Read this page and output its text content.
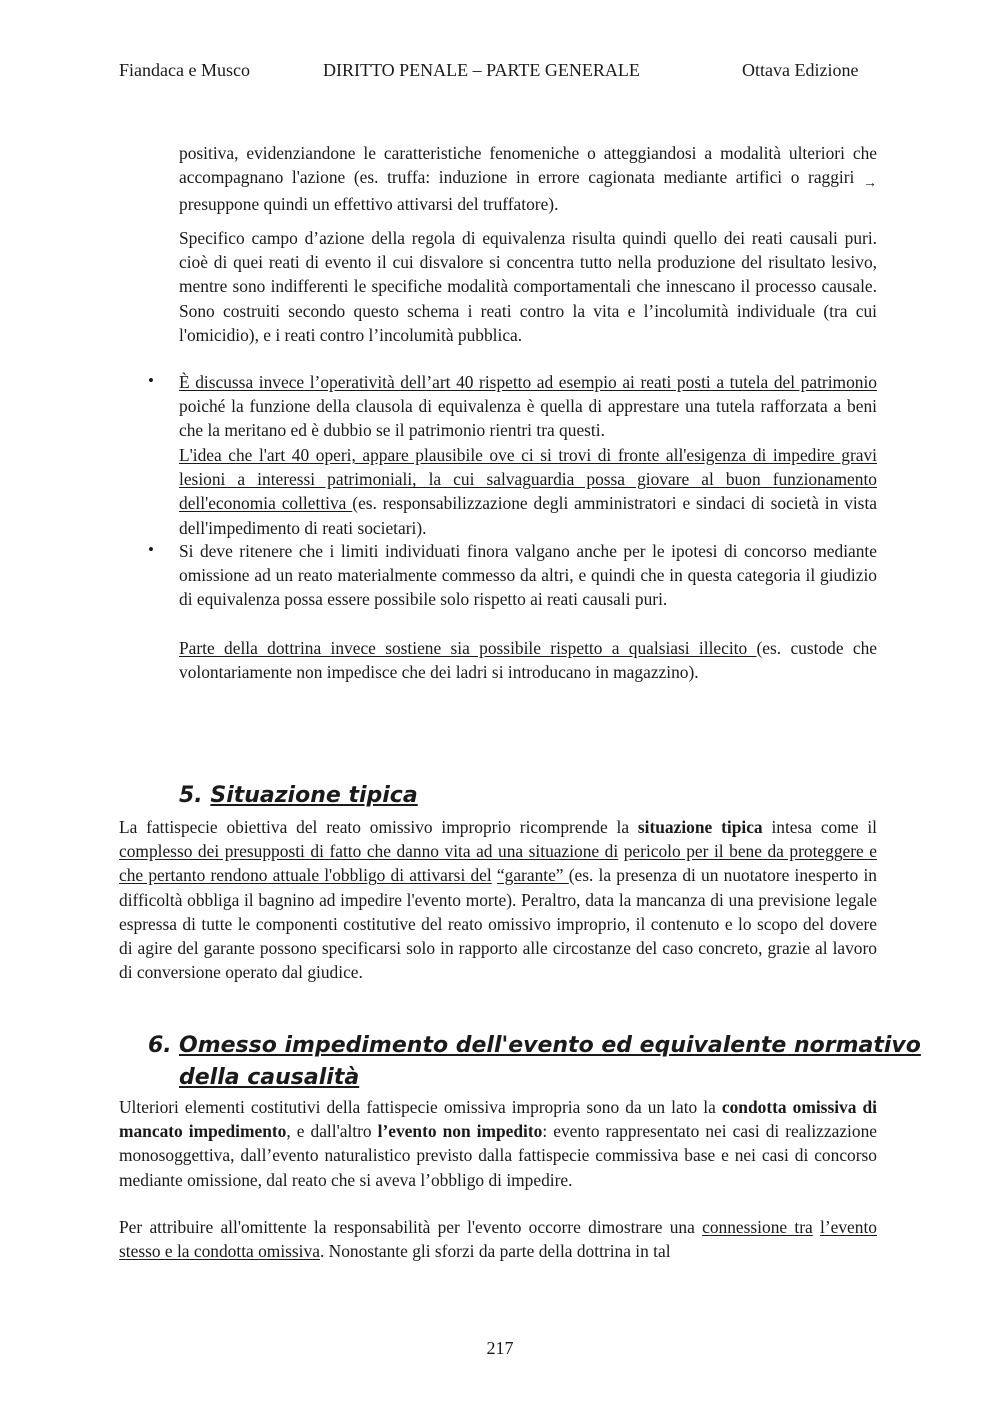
Fiandaca e Musco	DIRITTO PENALE – PARTE GENERALE	Ottava Edizione
positiva, evidenziandone le caratteristiche fenomeniche o atteggiandosi a modalità ulteriori che accompagnano l'azione (es. truffa: induzione in errore cagionata mediante artifici o raggiri $_\to$ presuppone quindi un effettivo attivarsi del truffatore).
Specifico campo d’azione della regola di equivalenza risulta quindi quello dei reati causali puri. cioè di quei reati di evento il cui disvalore si concentra tutto nella produzione del risultato lesivo, mentre sono indifferenti le specifiche modalità comportamentali che innescano il processo causale. Sono costruiti secondo questo schema i reati contro la vita e l’incolumità individuale (tra cui l'omicidio), e i reati contro l’incolumità pubblica.
• È discussa invece l’operatività dell’art 40 rispetto ad esempio ai reati posti a tutela del patrimonio poiché la funzione della clausola di equivalenza è quella di apprestare una tutela rafforzata a beni che la meritano ed è dubbio se il patrimonio rientri tra questi.
L'idea che l'art 40 operi, appare plausibile ove ci si trovi di fronte all'esigenza di impedire gravi lesioni a interessi patrimoniali, la cui salvaguardia possa giovare al buon funzionamento dell'economia collettiva (es. responsabilizzazione degli amministratori e sindaci di società in vista dell'impedimento di reati societari).
• Si deve ritenere che i limiti individuati finora valgano anche per le ipotesi di concorso mediante omissione ad un reato materialmente commesso da altri, e quindi che in questa categoria il giudizio di equivalenza possa essere possibile solo rispetto ai reati causali puri.
Parte della dottrina invece sostiene sia possibile rispetto a qualsiasi illecito (es. custode che volontariamente non impedisce che dei ladri si introducano in magazzino).
5. Situazione tipica
La fattispecie obiettiva del reato omissivo improprio ricomprende la situazione tipica intesa come il complesso dei presupposti di fatto che danno vita ad una situazione di pericolo per il bene da proteggere e che pertanto rendono attuale l'obbligo di attivarsi del “garante” (es. la presenza di un nuotatore inesperto in difficoltà obbliga il bagnino ad impedire l'evento morte). Peraltro, data la mancanza di una previsione legale espressa di tutte le componenti costitutive del reato omissivo improprio, il contenuto e lo scopo del dovere di agire del garante possono specificarsi solo in rapporto alle circostanze del caso concreto, grazie al lavoro di conversione operato dal giudice.
6. Omesso impedimento dell'evento ed equivalente normativo della causalità
Ulteriori elementi costitutivi della fattispecie omissiva impropria sono da un lato la condotta omissiva di mancato impedimento, e dall'altro l’evento non impedito: evento rappresentato nei casi di realizzazione monosoggettiva, dall’evento naturalistico previsto dalla fattispecie commissiva base e nei casi di concorso mediante omissione, dal reato che si aveva l’obbligo di impedire.
Per attribuire all'omittente la responsabilità per l'evento occorre dimostrare una connessione tra l’evento stesso e la condotta omissiva. Nonostante gli sforzi da parte della dottrina in tal
217
